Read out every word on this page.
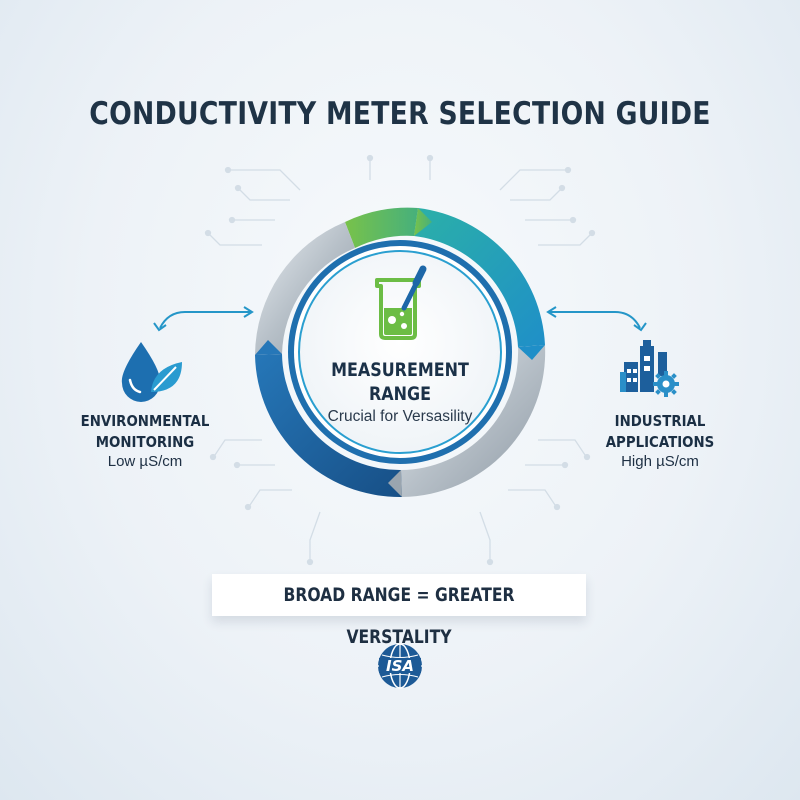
CONDUCTIVITY METER SELECTION GUIDE
ISA
MEASUREMENT
RANGE
Crucial for Versasility
ENVIRONMENTAL
MONITORING
Low µS/cm
INDUSTRIAL
APPLICATIONS
High µS/cm
BROAD RANGE = GREATER VERSTALITY
